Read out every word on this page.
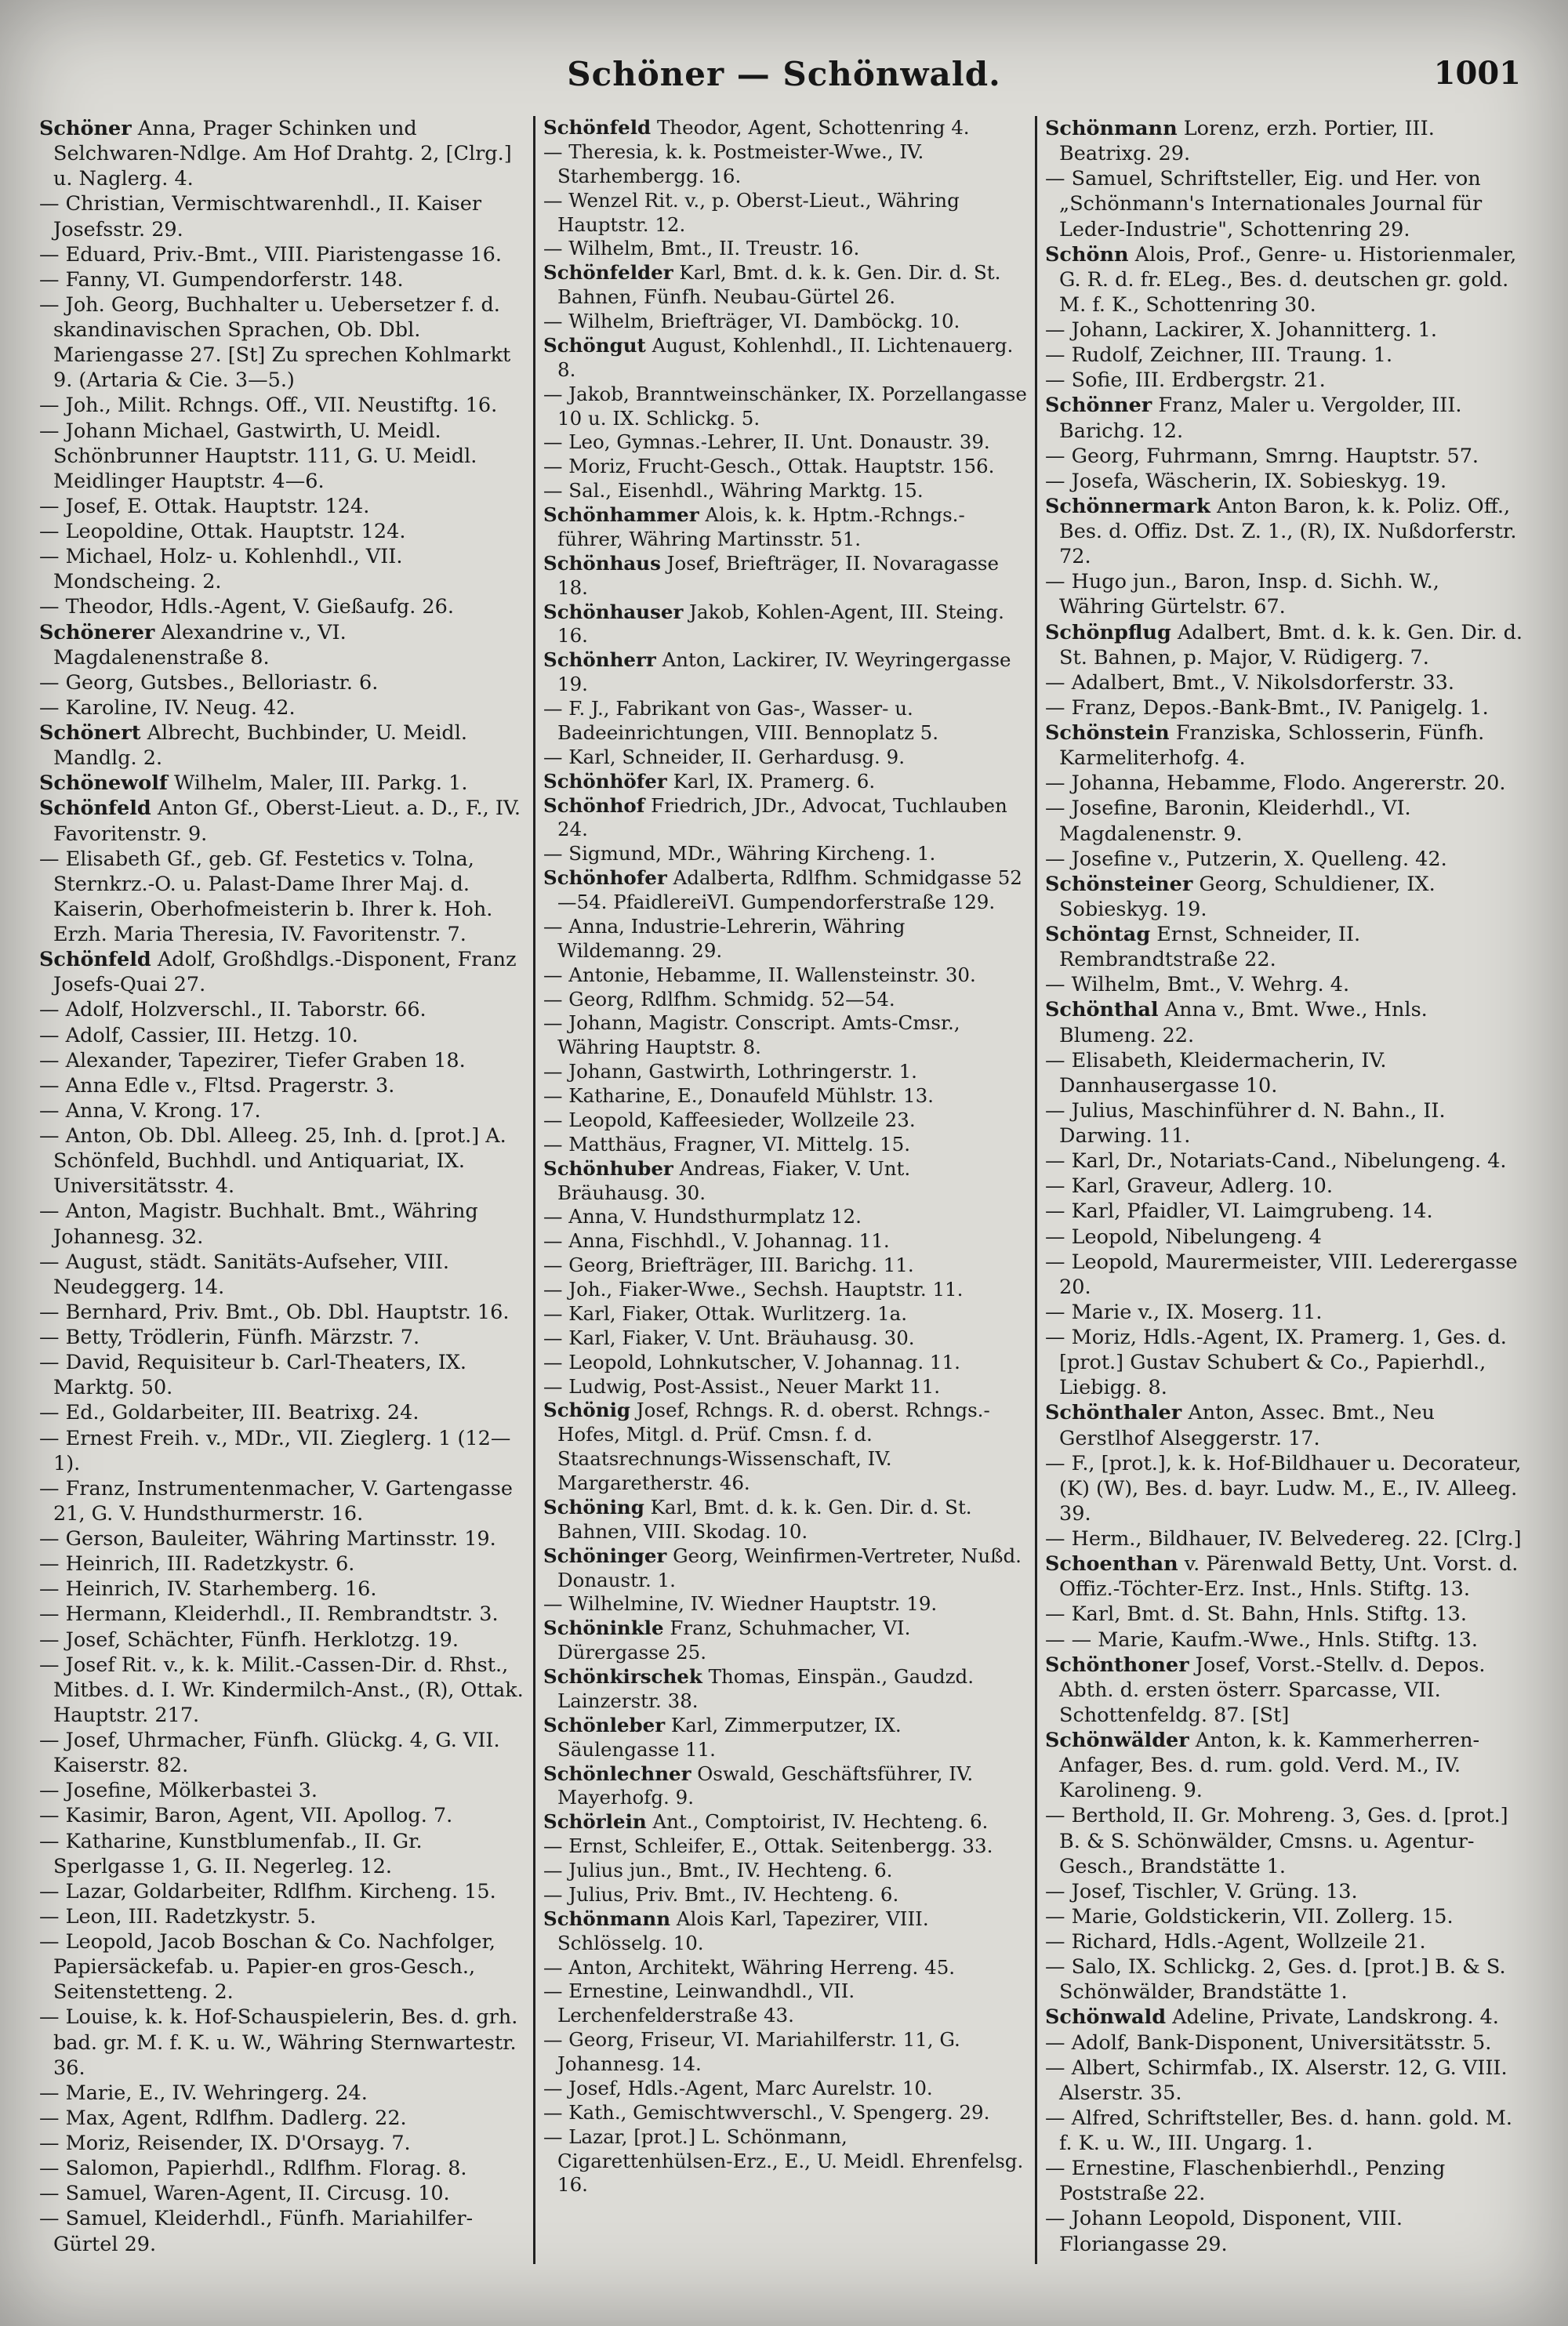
Schöner — Schönwald.	1001

Schöner Anna, Prager Schinken und Selchwaren-Ndlge. Am Hof Drahtg. 2, [Clrg.] u. Naglerg. 4.

— Christian, Vermischtwarenhdl., II. Kaiser Josefsstr. 29.

— Eduard, Priv.-Bmt., VIII. Piaristengasse 16.

— Fanny, VI. Gumpendorferstr. 148.

— Joh. Georg, Buchhalter u. Uebersetzer f. d. skandinavischen Sprachen, Ob. Dbl. Mariengasse 27. [St] Zu sprechen Kohlmarkt 9. (Artaria & Cie. 3—5.)

— Joh., Milit. Rchngs. Off., VII. Neustiftg. 16.

— Johann Michael, Gastwirth, U. Meidl. Schönbrunner Hauptstr. 111, G. U. Meidl. Meidlinger Hauptstr. 4—6.

— Josef, E. Ottak. Hauptstr. 124.

— Leopoldine, Ottak. Hauptstr. 124.

— Michael, Holz- u. Kohlenhdl., VII. Mondscheing. 2.

— Theodor, Hdls.-Agent, V. Gießaufg. 26.

Schönerer Alexandrine v., VI. Magdalenenstraße 8.

— Georg, Gutsbes., Belloriastr. 6.

— Karoline, IV. Neug. 42.

Schönert Albrecht, Buchbinder, U. Meidl. Mandlg. 2.

Schönewolf Wilhelm, Maler, III. Parkg. 1.

Schönfeld Anton Gf., Oberst-Lieut. a. D., F., IV. Favoritenstr. 9.

— Elisabeth Gf., geb. Gf. Festetics v. Tolna, Sternkrz.-O. u. Palast-Dame Ihrer Maj. d. Kaiserin, Oberhofmeisterin b. Ihrer k. Hoh. Erzh. Maria Theresia, IV. Favoritenstr. 7.

Schönfeld Adolf, Großhdlgs.-Disponent, Franz Josefs-Quai 27.

— Adolf, Holzverschl., II. Taborstr. 66.

— Adolf, Cassier, III. Hetzg. 10.

— Alexander, Tapezirer, Tiefer Graben 18.

— Anna Edle v., Fltsd. Pragerstr. 3.

— Anna, V. Krong. 17.

— Anton, Ob. Dbl. Alleeg. 25, Inh. d. [prot.] A. Schönfeld, Buchhdl. und Antiquariat, IX. Universitätsstr. 4.

— Anton, Magistr. Buchhalt. Bmt., Währing Johannesg. 32.

— August, städt. Sanitäts-Aufseher, VIII. Neudeggerg. 14.

— Bernhard, Priv. Bmt., Ob. Dbl. Hauptstr. 16.

— Betty, Trödlerin, Fünfh. Märzstr. 7.

— David, Requisiteur b. Carl-Theaters, IX. Marktg. 50.

— Ed., Goldarbeiter, III. Beatrixg. 24.

— Ernest Freih. v., MDr., VII. Zieglerg. 1 (12—1).

— Franz, Instrumentenmacher, V. Gartengasse 21, G. V. Hundsthurmerstr. 16.

— Gerson, Bauleiter, Währing Martinsstr. 19.

— Heinrich, III. Radetzkystr. 6.

— Heinrich, IV. Starhemberg. 16.

— Hermann, Kleiderhdl., II. Rembrandtstr. 3.

— Josef, Schächter, Fünfh. Herklotzg. 19.

— Josef Rit. v., k. k. Milit.-Cassen-Dir. d. Rhst., Mitbes. d. I. Wr. Kindermilch-Anst., (R), Ottak. Hauptstr. 217.

— Josef, Uhrmacher, Fünfh. Glückg. 4, G. VII. Kaiserstr. 82.

— Josefine, Mölkerbastei 3.

— Kasimir, Baron, Agent, VII. Apollog. 7.

— Katharine, Kunstblumenfab., II. Gr. Sperlgasse 1, G. II. Negerleg. 12.

— Lazar, Goldarbeiter, Rdlfhm. Kircheng. 15.

— Leon, III. Radetzkystr. 5.

— Leopold, Jacob Boschan & Co. Nachfolger, Papiersäckefab. u. Papier-en gros-Gesch., Seitenstetteng. 2.

— Louise, k. k. Hof-Schauspielerin, Bes. d. grh. bad. gr. M. f. K. u. W., Währing Sternwartestr. 36.

— Marie, E., IV. Wehringerg. 24.

— Max, Agent, Rdlfhm. Dadlerg. 22.

— Moriz, Reisender, IX. D'Orsayg. 7.

— Salomon, Papierhdl., Rdlfhm. Florag. 8.

— Samuel, Waren-Agent, II. Circusg. 10.

— Samuel, Kleiderhdl., Fünfh. Mariahilfer-Gürtel 29.

Schönfeld Theodor, Agent, Schottenring 4.

— Theresia, k. k. Postmeister-Wwe., IV. Starhembergg. 16.

— Wenzel Rit. v., p. Oberst-Lieut., Währing Hauptstr. 12.

— Wilhelm, Bmt., II. Treustr. 16.

Schönfelder Karl, Bmt. d. k. k. Gen. Dir. d. St. Bahnen, Fünfh. Neubau-Gürtel 26.

— Wilhelm, Briefträger, VI. Damböckg. 10.

Schöngut August, Kohlenhdl., II. Lichtenauerg. 8.

— Jakob, Branntweinschänker, IX. Porzellangasse 10 u. IX. Schlickg. 5.

— Leo, Gymnas.-Lehrer, II. Unt. Donaustr. 39.

— Moriz, Frucht-Gesch., Ottak. Hauptstr. 156.

— Sal., Eisenhdl., Währing Marktg. 15.

Schönhammer Alois, k. k. Hptm.-Rchngs.-führer, Währing Martinsstr. 51.

Schönhaus Josef, Briefträger, II. Novaragasse 18.

Schönhauser Jakob, Kohlen-Agent, III. Steing. 16.

Schönherr Anton, Lackirer, IV. Weyringergasse 19.

— F. J., Fabrikant von Gas-, Wasser- u. Badeeinrichtungen, VIII. Bennoplatz 5.

— Karl, Schneider, II. Gerhardusg. 9.

Schönhöfer Karl, IX. Pramerg. 6.

Schönhof Friedrich, JDr., Advocat, Tuchlauben 24.

— Sigmund, MDr., Währing Kircheng. 1.

Schönhofer Adalberta, Rdlfhm. Schmidgasse 52—54. PfaidlereiVI. Gumpendorferstraße 129.

— Anna, Industrie-Lehrerin, Währing Wildemanng. 29.

— Antonie, Hebamme, II. Wallensteinstr. 30.

— Georg, Rdlfhm. Schmidg. 52—54.

— Johann, Magistr. Conscript. Amts-Cmsr., Währing Hauptstr. 8.

— Johann, Gastwirth, Lothringerstr. 1.

— Katharine, E., Donaufeld Mühlstr. 13.

— Leopold, Kaffeesieder, Wollzeile 23.

— Matthäus, Fragner, VI. Mittelg. 15.

Schönhuber Andreas, Fiaker, V. Unt. Bräuhausg. 30.

— Anna, V. Hundsthurmplatz 12.

— Anna, Fischhdl., V. Johannag. 11.

— Georg, Briefträger, III. Barichg. 11.

— Joh., Fiaker-Wwe., Sechsh. Hauptstr. 11.

— Karl, Fiaker, Ottak. Wurlitzerg. 1a.

— Karl, Fiaker, V. Unt. Bräuhausg. 30.

— Leopold, Lohnkutscher, V. Johannag. 11.

— Ludwig, Post-Assist., Neuer Markt 11.

Schönig Josef, Rchngs. R. d. oberst. Rchngs.-Hofes, Mitgl. d. Prüf. Cmsn. f. d. Staatsrechnungs-Wissenschaft, IV. Margaretherstr. 46.

Schöning Karl, Bmt. d. k. k. Gen. Dir. d. St. Bahnen, VIII. Skodag. 10.

Schöninger Georg, Weinfirmen-Vertreter, Nußd. Donaustr. 1.

— Wilhelmine, IV. Wiedner Hauptstr. 19.

Schöninkle Franz, Schuhmacher, VI. Dürergasse 25.

Schönkirschek Thomas, Einspän., Gaudzd. Lainzerstr. 38.

Schönleber Karl, Zimmerputzer, IX. Säulengasse 11.

Schönlechner Oswald, Geschäftsführer, IV. Mayerhofg. 9.

Schörlein Ant., Comptoirist, IV. Hechteng. 6.

— Ernst, Schleifer, E., Ottak. Seitenbergg. 33.

— Julius jun., Bmt., IV. Hechteng. 6.

— Julius, Priv. Bmt., IV. Hechteng. 6.

Schönmann Alois Karl, Tapezirer, VIII. Schlösselg. 10.

— Anton, Architekt, Währing Herreng. 45.

— Ernestine, Leinwandhdl., VII. Lerchenfelderstraße 43.

— Georg, Friseur, VI. Mariahilferstr. 11, G. Johannesg. 14.

— Josef, Hdls.-Agent, Marc Aurelstr. 10.

— Kath., Gemischtwverschl., V. Spengerg. 29.

— Lazar, [prot.] L. Schönmann, Cigarettenhülsen-Erz., E., U. Meidl. Ehrenfelsg. 16.

Schönmann Lorenz, erzh. Portier, III. Beatrixg. 29.

— Samuel, Schriftsteller, Eig. und Her. von „Schönmann's Internationales Journal für Leder-Industrie", Schottenring 29.

Schönn Alois, Prof., Genre- u. Historienmaler, G. R. d. fr. ELeg., Bes. d. deutschen gr. gold. M. f. K., Schottenring 30.

— Johann, Lackirer, X. Johannitterg. 1.

— Rudolf, Zeichner, III. Traung. 1.

— Sofie, III. Erdbergstr. 21.

Schönner Franz, Maler u. Vergolder, III. Barichg. 12.

— Georg, Fuhrmann, Smrng. Hauptstr. 57.

— Josefa, Wäscherin, IX. Sobieskyg. 19.

Schönnermark Anton Baron, k. k. Poliz. Off., Bes. d. Offiz. Dst. Z. 1., (R), IX. Nußdorferstr. 72.

— Hugo jun., Baron, Insp. d. Sichh. W., Währing Gürtelstr. 67.

Schönpflug Adalbert, Bmt. d. k. k. Gen. Dir. d. St. Bahnen, p. Major, V. Rüdigerg. 7.

— Adalbert, Bmt., V. Nikolsdorferstr. 33.

— Franz, Depos.-Bank-Bmt., IV. Panigelg. 1.

Schönstein Franziska, Schlosserin, Fünfh. Karmeliterhofg. 4.

— Johanna, Hebamme, Flodo. Angererstr. 20.

— Josefine, Baronin, Kleiderhdl., VI. Magdalenenstr. 9.

— Josefine v., Putzerin, X. Quelleng. 42.

Schönsteiner Georg, Schuldiener, IX. Sobieskyg. 19.

Schöntag Ernst, Schneider, II. Rembrandtstraße 22.

— Wilhelm, Bmt., V. Wehrg. 4.

Schönthal Anna v., Bmt. Wwe., Hnls. Blumeng. 22.

— Elisabeth, Kleidermacherin, IV. Dannhausergasse 10.

— Julius, Maschinführer d. N. Bahn., II. Darwing. 11.

— Karl, Dr., Notariats-Cand., Nibelungeng. 4.

— Karl, Graveur, Adlerg. 10.

— Karl, Pfaidler, VI. Laimgrubeng. 14.

— Leopold, Nibelungeng. 4

— Leopold, Maurermeister, VIII. Lederergasse 20.

— Marie v., IX. Moserg. 11.

— Moriz, Hdls.-Agent, IX. Pramerg. 1, Ges. d. [prot.] Gustav Schubert & Co., Papierhdl., Liebigg. 8.

Schönthaler Anton, Assec. Bmt., Neu Gerstlhof Alseggerstr. 17.

— F., [prot.], k. k. Hof-Bildhauer u. Decorateur, (K) (W), Bes. d. bayr. Ludw. M., E., IV. Alleeg. 39.

— Herm., Bildhauer, IV. Belvedereg. 22. [Clrg.]

Schoenthan v. Pärenwald Betty, Unt. Vorst. d. Offiz.-Töchter-Erz. Inst., Hnls. Stiftg. 13.

— Karl, Bmt. d. St. Bahn, Hnls. Stiftg. 13.

— — Marie, Kaufm.-Wwe., Hnls. Stiftg. 13.

Schönthoner Josef, Vorst.-Stellv. d. Depos. Abth. d. ersten österr. Sparcasse, VII. Schottenfeldg. 87. [St]

Schönwälder Anton, k. k. Kammerherren-Anfager, Bes. d. rum. gold. Verd. M., IV. Karolineng. 9.

— Berthold, II. Gr. Mohreng. 3, Ges. d. [prot.] B. & S. Schönwälder, Cmsns. u. Agentur-Gesch., Brandstätte 1.

— Josef, Tischler, V. Grüng. 13.

— Marie, Goldstickerin, VII. Zollerg. 15.

— Richard, Hdls.-Agent, Wollzeile 21.

— Salo, IX. Schlickg. 2, Ges. d. [prot.] B. & S. Schönwälder, Brandstätte 1.

Schönwald Adeline, Private, Landskrong. 4.

— Adolf, Bank-Disponent, Universitätsstr. 5.

— Albert, Schirmfab., IX. Alserstr. 12, G. VIII. Alserstr. 35.

— Alfred, Schriftsteller, Bes. d. hann. gold. M. f. K. u. W., III. Ungarg. 1.

— Ernestine, Flaschenbierhdl., Penzing Poststraße 22.

— Johann Leopold, Disponent, VIII. Floriangasse 29.
